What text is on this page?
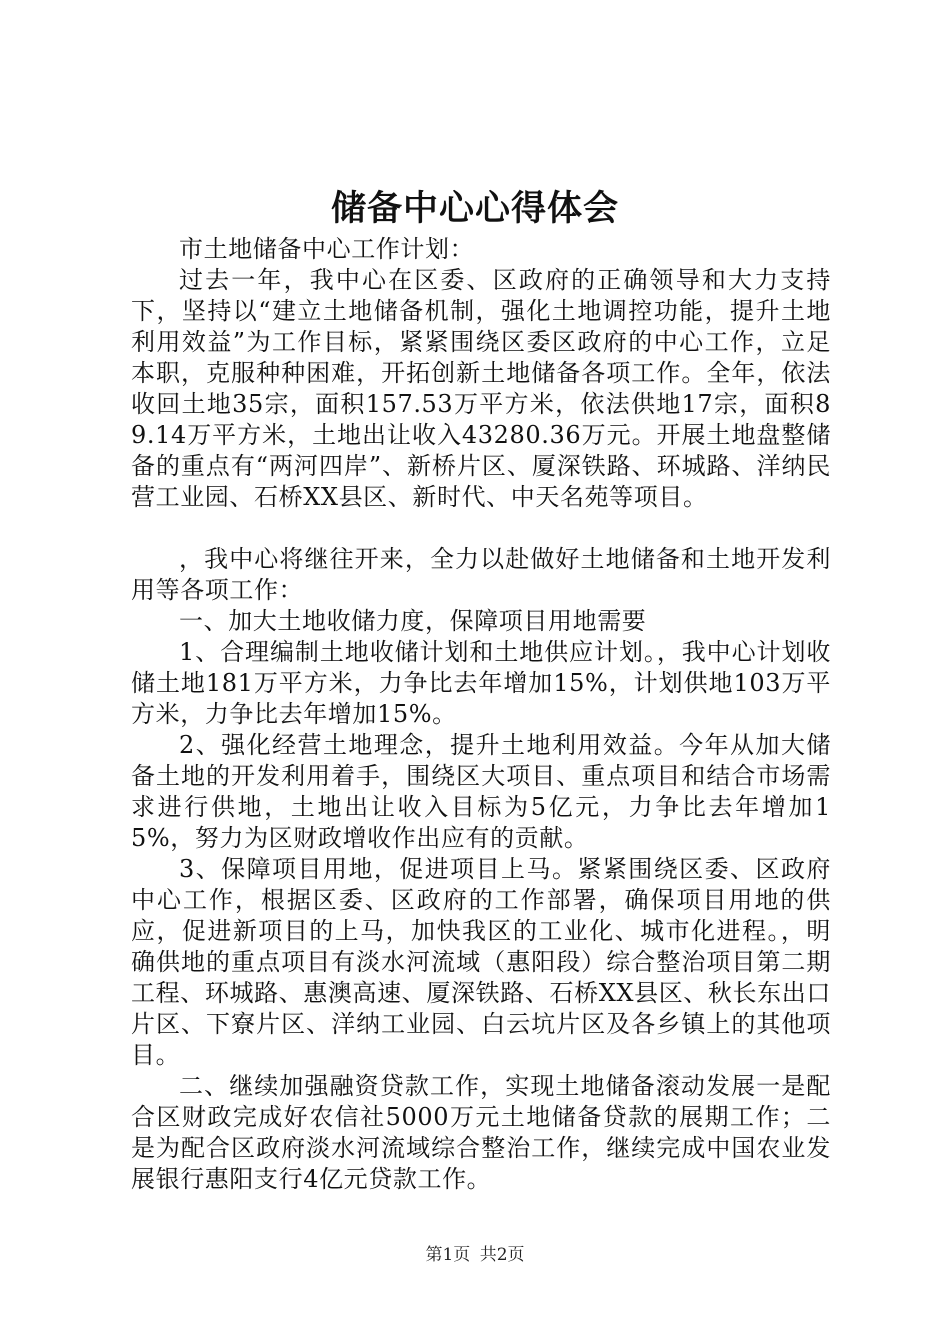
储备中心心得体会

市土地储备中心工作计划：

过去一年，我中心在区委、区政府的正确领导和大力支持下，坚持以“建立土地储备机制，强化土地调控功能，提升土地利用效益”为工作目标，紧紧围绕区委区政府的中心工作，立足本职，克服种种困难，开拓创新土地储备各项工作。全年，依法收回土地35宗，面积157.53万平方米，依法供地17宗，面积89.14万平方米，土地出让收入43280.36万元。开展土地盘整储备的重点有“两河四岸”、新桥片区、厦深铁路、环城路、洋纳民营工业园、石桥XX县区、新时代、中天名苑等项目。

，我中心将继往开来，全力以赴做好土地储备和土地开发利用等各项工作：

一、加大土地收储力度，保障项目用地需要

1、合理编制土地收储计划和土地供应计划。，我中心计划收储土地181万平方米，力争比去年增加15%，计划供地103万平方米，力争比去年增加15%。

2、强化经营土地理念，提升土地利用效益。今年从加大储备土地的开发利用着手，围绕区大项目、重点项目和结合市场需求进行供地，土地出让收入目标为5亿元，力争比去年增加15%，努力为区财政增收作出应有的贡献。

3、保障项目用地，促进项目上马。紧紧围绕区委、区政府中心工作，根据区委、区政府的工作部署，确保项目用地的供应，促进新项目的上马，加快我区的工业化、城市化进程。，明确供地的重点项目有淡水河流域（惠阳段）综合整治项目第二期工程、环城路、惠澳高速、厦深铁路、石桥XX县区、秋长东出口片区、下寮片区、洋纳工业园、白云坑片区及各乡镇上的其他项目。

二、继续加强融资贷款工作，实现土地储备滚动发展一是配合区财政完成好农信社5000万元土地储备贷款的展期工作；二是为配合区政府淡水河流域综合整治工作，继续完成中国农业发展银行惠阳支行4亿元贷款工作。

第1页 共2页
